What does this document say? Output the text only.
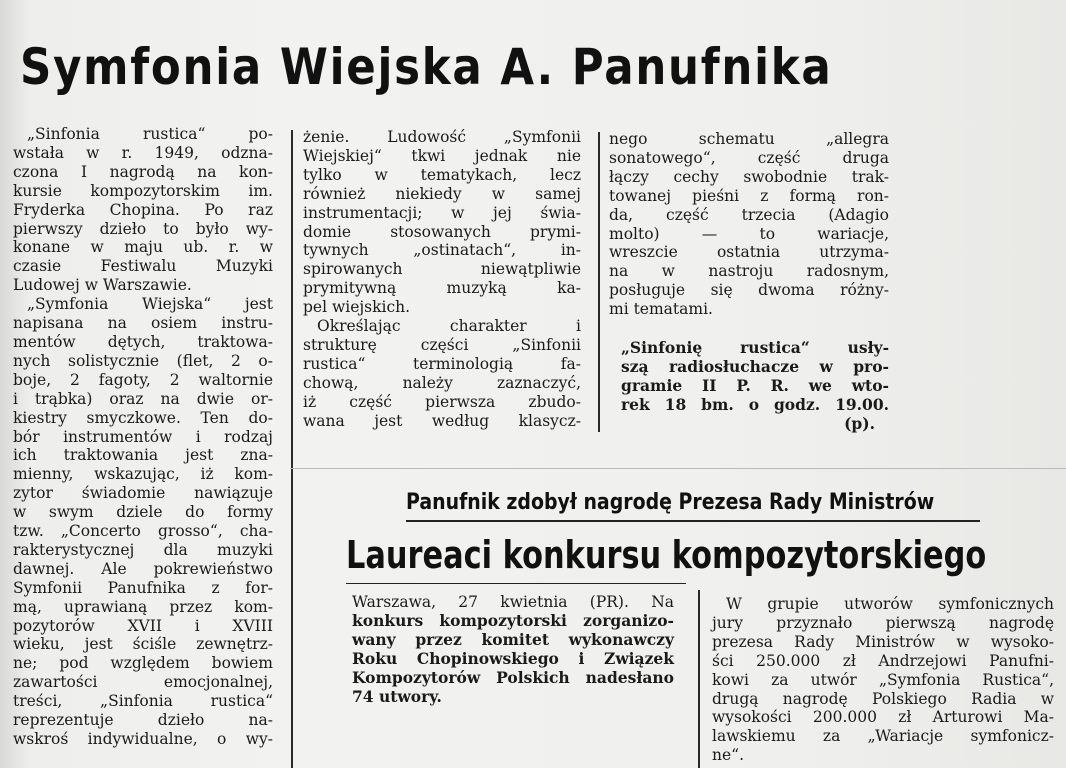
Symfonia Wiejska A. Panufnika
„Sinfonia rustica“ po-
wstała w r. 1949, odzna-
czona I nagrodą na kon-
kursie kompozytorskim im.
Fryderka Chopina. Po raz
pierwszy dzieło to było wy-
konane w maju ub. r. w
czasie Festiwalu Muzyki
Ludowej w Warszawie.
„Symfonia Wiejska“ jest
napisana na osiem instru-
mentów dętych, traktowa-
nych solistycznie (flet, 2 o-
boje, 2 fagoty, 2 waltornie
i trąbka) oraz na dwie or-
kiestry smyczkowe. Ten do-
bór instrumentów i rodzaj
ich traktowania jest zna-
mienny, wskazując, iż kom-
zytor świadomie nawiązuje
w swym dziele do formy
tzw. „Concerto grosso“, cha-
rakterystycznej dla muzyki
dawnej. Ale pokrewieństwo
Symfonii Panufnika z for-
mą, uprawianą przez kom-
pozytorów XVII i XVIII
wieku, jest ściśle zewnętrz-
ne; pod względem bowiem
zawartości emocjonalnej,
treści, „Sinfonia rustica“
reprezentuje dzieło na-
wskroś indywidualne, o wy-
żenie. Ludowość „Symfonii
Wiejskiej“ tkwi jednak nie
tylko w tematykach, lecz
również niekiedy w samej
instrumentacji; w jej świa-
domie stosowanych prymi-
tywnych „ostinatach“, in-
spirowanych niewątpliwie
prymitywną muzyką ka-
pel wiejskich.
Określając charakter i
strukturę części „Sinfonii
rustica“ terminologią fa-
chową, należy zaznaczyć,
iż część pierwsza zbudo-
wana jest według klasycz-
nego schematu „allegra
sonatowego“, część druga
łączy cechy swobodnie trak-
towanej pieśni z formą ron-
da, część trzecia (Adagio
molto) — to wariacje,
wreszcie ostatnia utrzyma-
na w nastroju radosnym,
posługuje się dwoma różny-
mi tematami.
„Sinfonię rustica“ usły-
szą radiosłuchacze w pro-
gramie II P. R. we wto-
rek 18 bm. o godz. 19.00.
(p).
Panufnik zdobył nagrodę Prezesa Rady Ministrów
Laureaci konkursu kompozytorskiego
Warszawa, 27 kwietnia (PR). Na
konkurs kompozytorski zorganizo-
wany przez komitet wykonawczy
Roku Chopinowskiego i Związek
Kompozytorów Polskich nadesłano
74 utwory.
W grupie utworów symfonicznych
jury przyznało pierwszą nagrodę
prezesa Rady Ministrów w wysoko-
ści 250.000 zł Andrzejowi Panufni-
kowi za utwór „Symfonia Rustica“,
drugą nagrodę Polskiego Radia w
wysokości 200.000 zł Arturowi Ma-
lawskiemu za „Wariacje symfonicz-
ne“.
